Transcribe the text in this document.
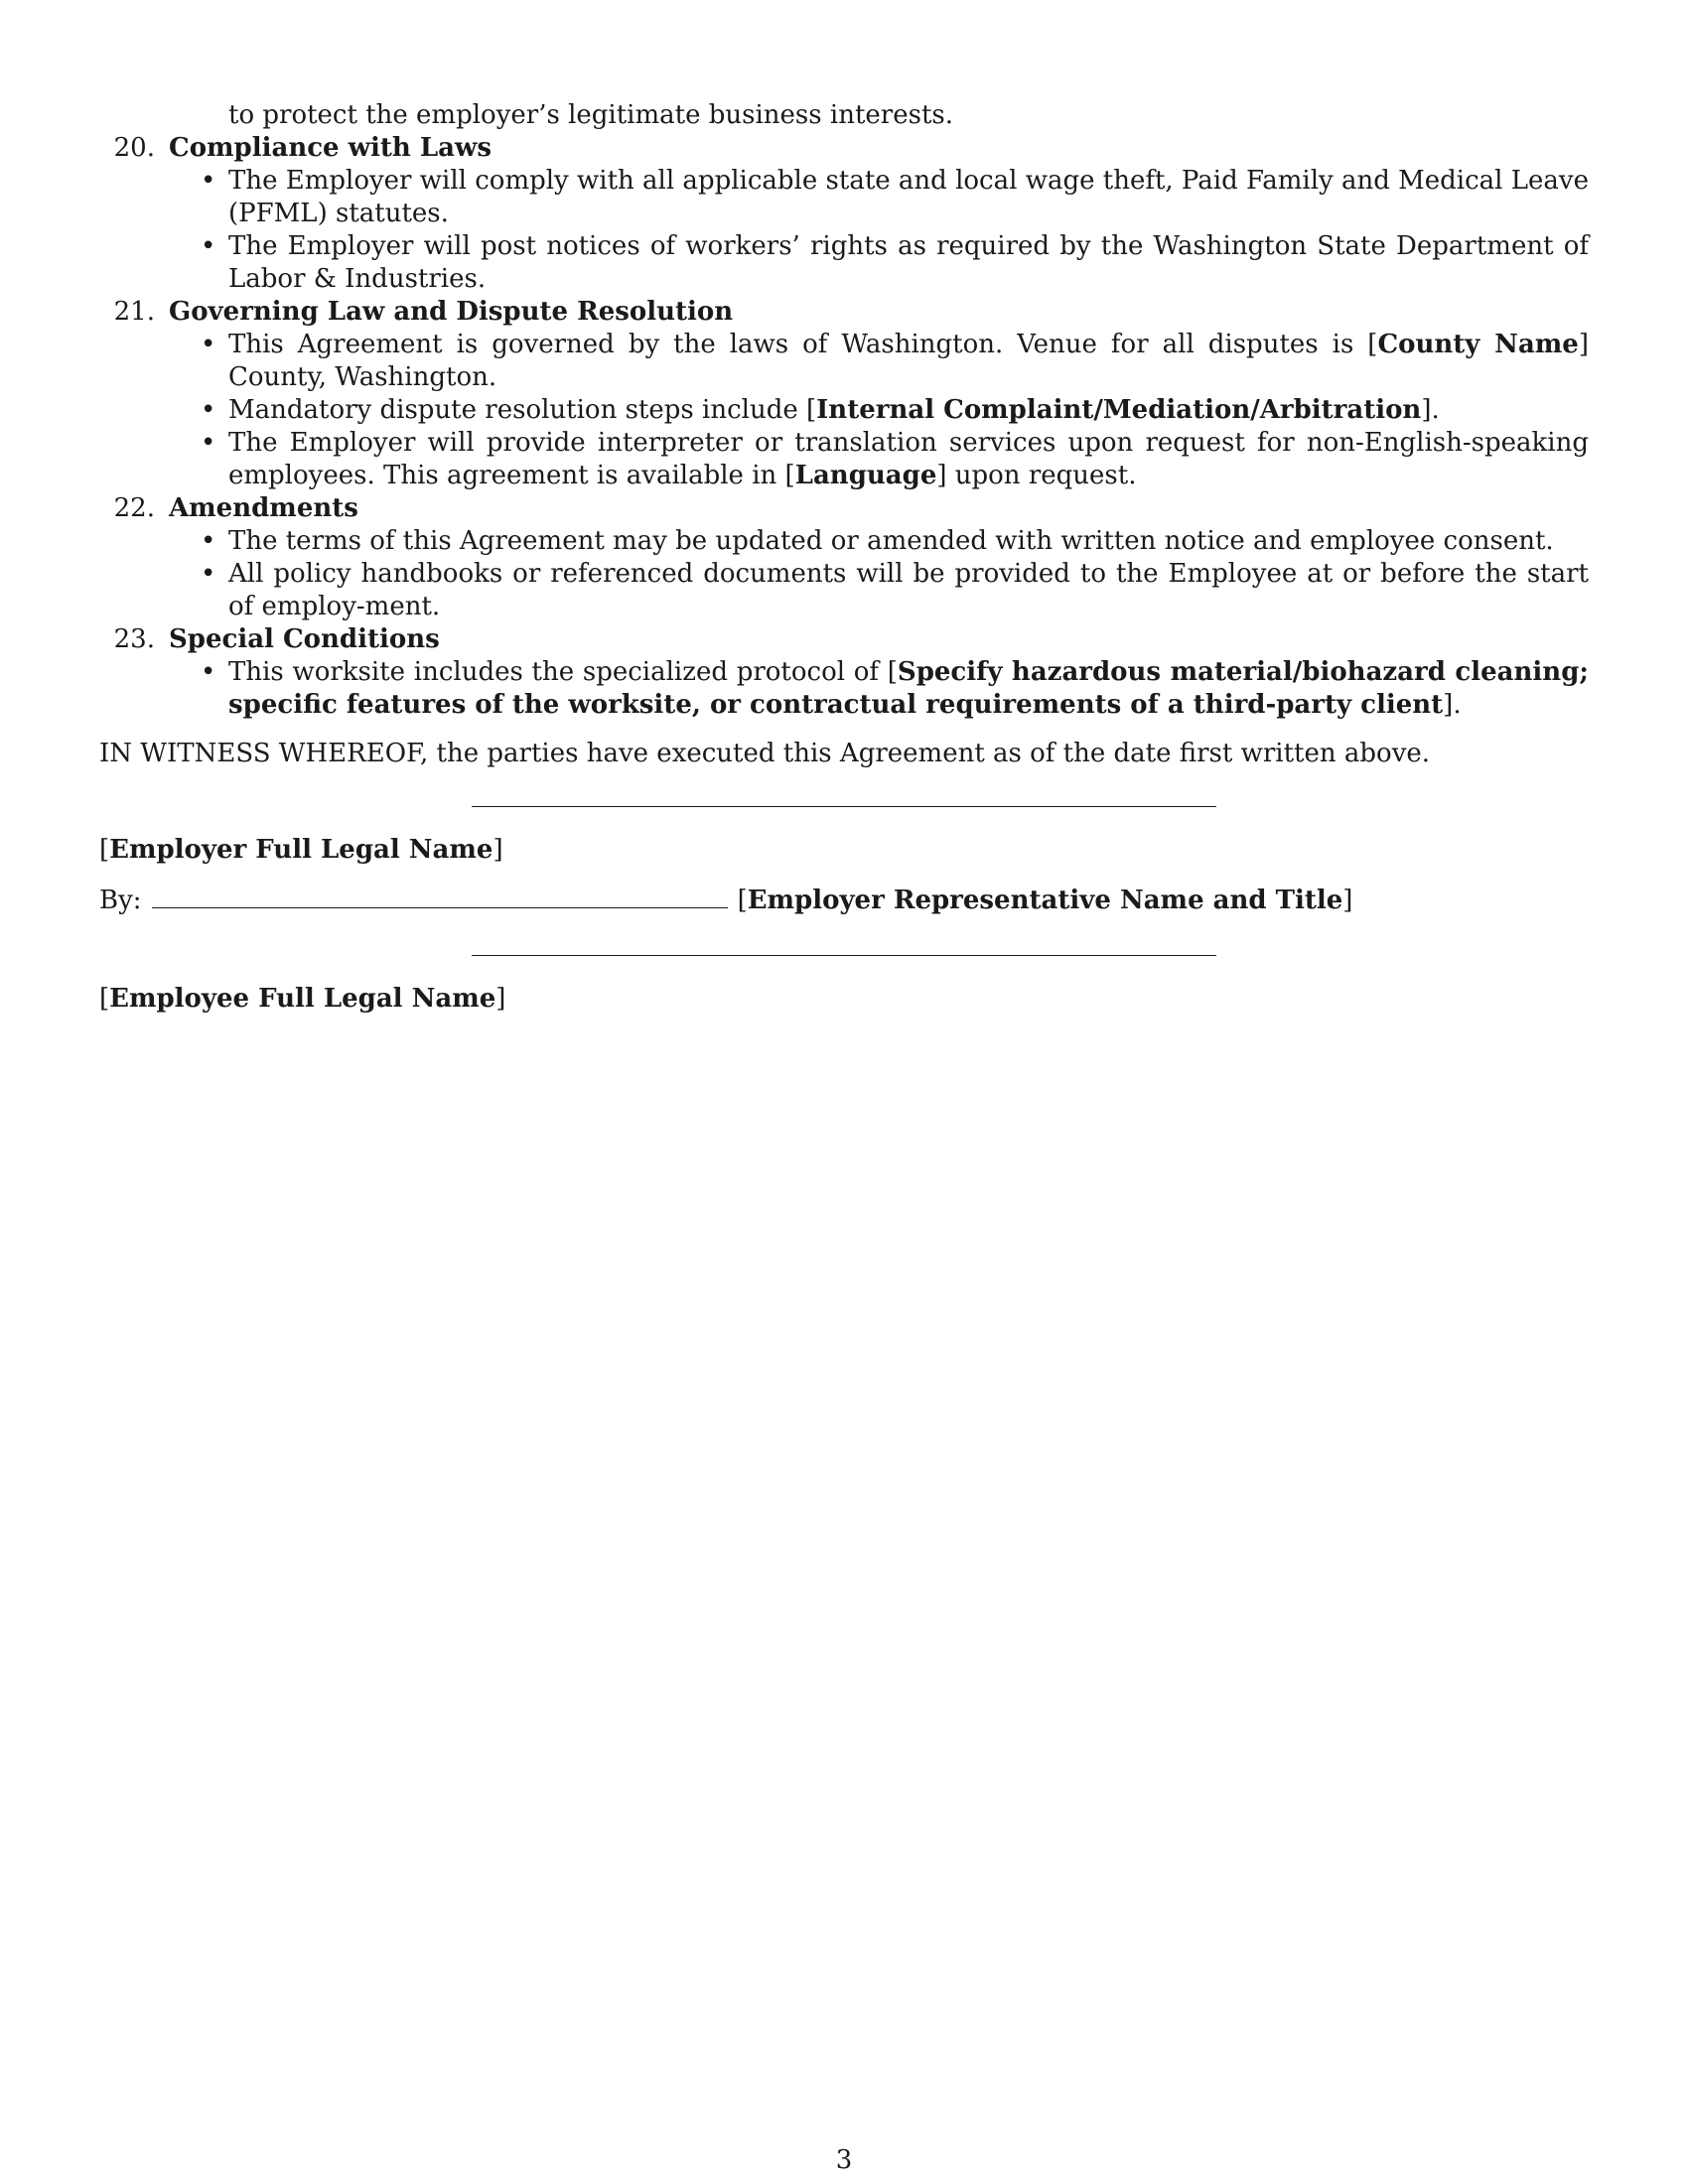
to protect the employer’s legitimate business interests.
20. Compliance with Laws
• The Employer will comply with all applicable state and local wage theft, Paid Family and Medical Leave (PFML) statutes.
• The Employer will post notices of workers’ rights as required by the Washington State Department of Labor & Industries.
21. Governing Law and Dispute Resolution
• This Agreement is governed by the laws of Washington. Venue for all disputes is [County Name] County, Washington.
• Mandatory dispute resolution steps include [Internal Complaint/Mediation/Arbitration].
• The Employer will provide interpreter or translation services upon request for non-English-speaking employees. This agreement is available in [Language] upon request.
22. Amendments
• The terms of this Agreement may be updated or amended with written notice and employee consent.
• All policy handbooks or referenced documents will be provided to the Employee at or before the start of employ-ment.
23. Special Conditions
• This worksite includes the specialized protocol of [Specify hazardous material/biohazard cleaning; specific features of the worksite, or contractual requirements of a third-party client].
IN WITNESS WHEREOF, the parties have executed this Agreement as of the date first written above.
[Employer Full Legal Name]
By:	[Employer Representative Name and Title]
[Employee Full Legal Name]
3
